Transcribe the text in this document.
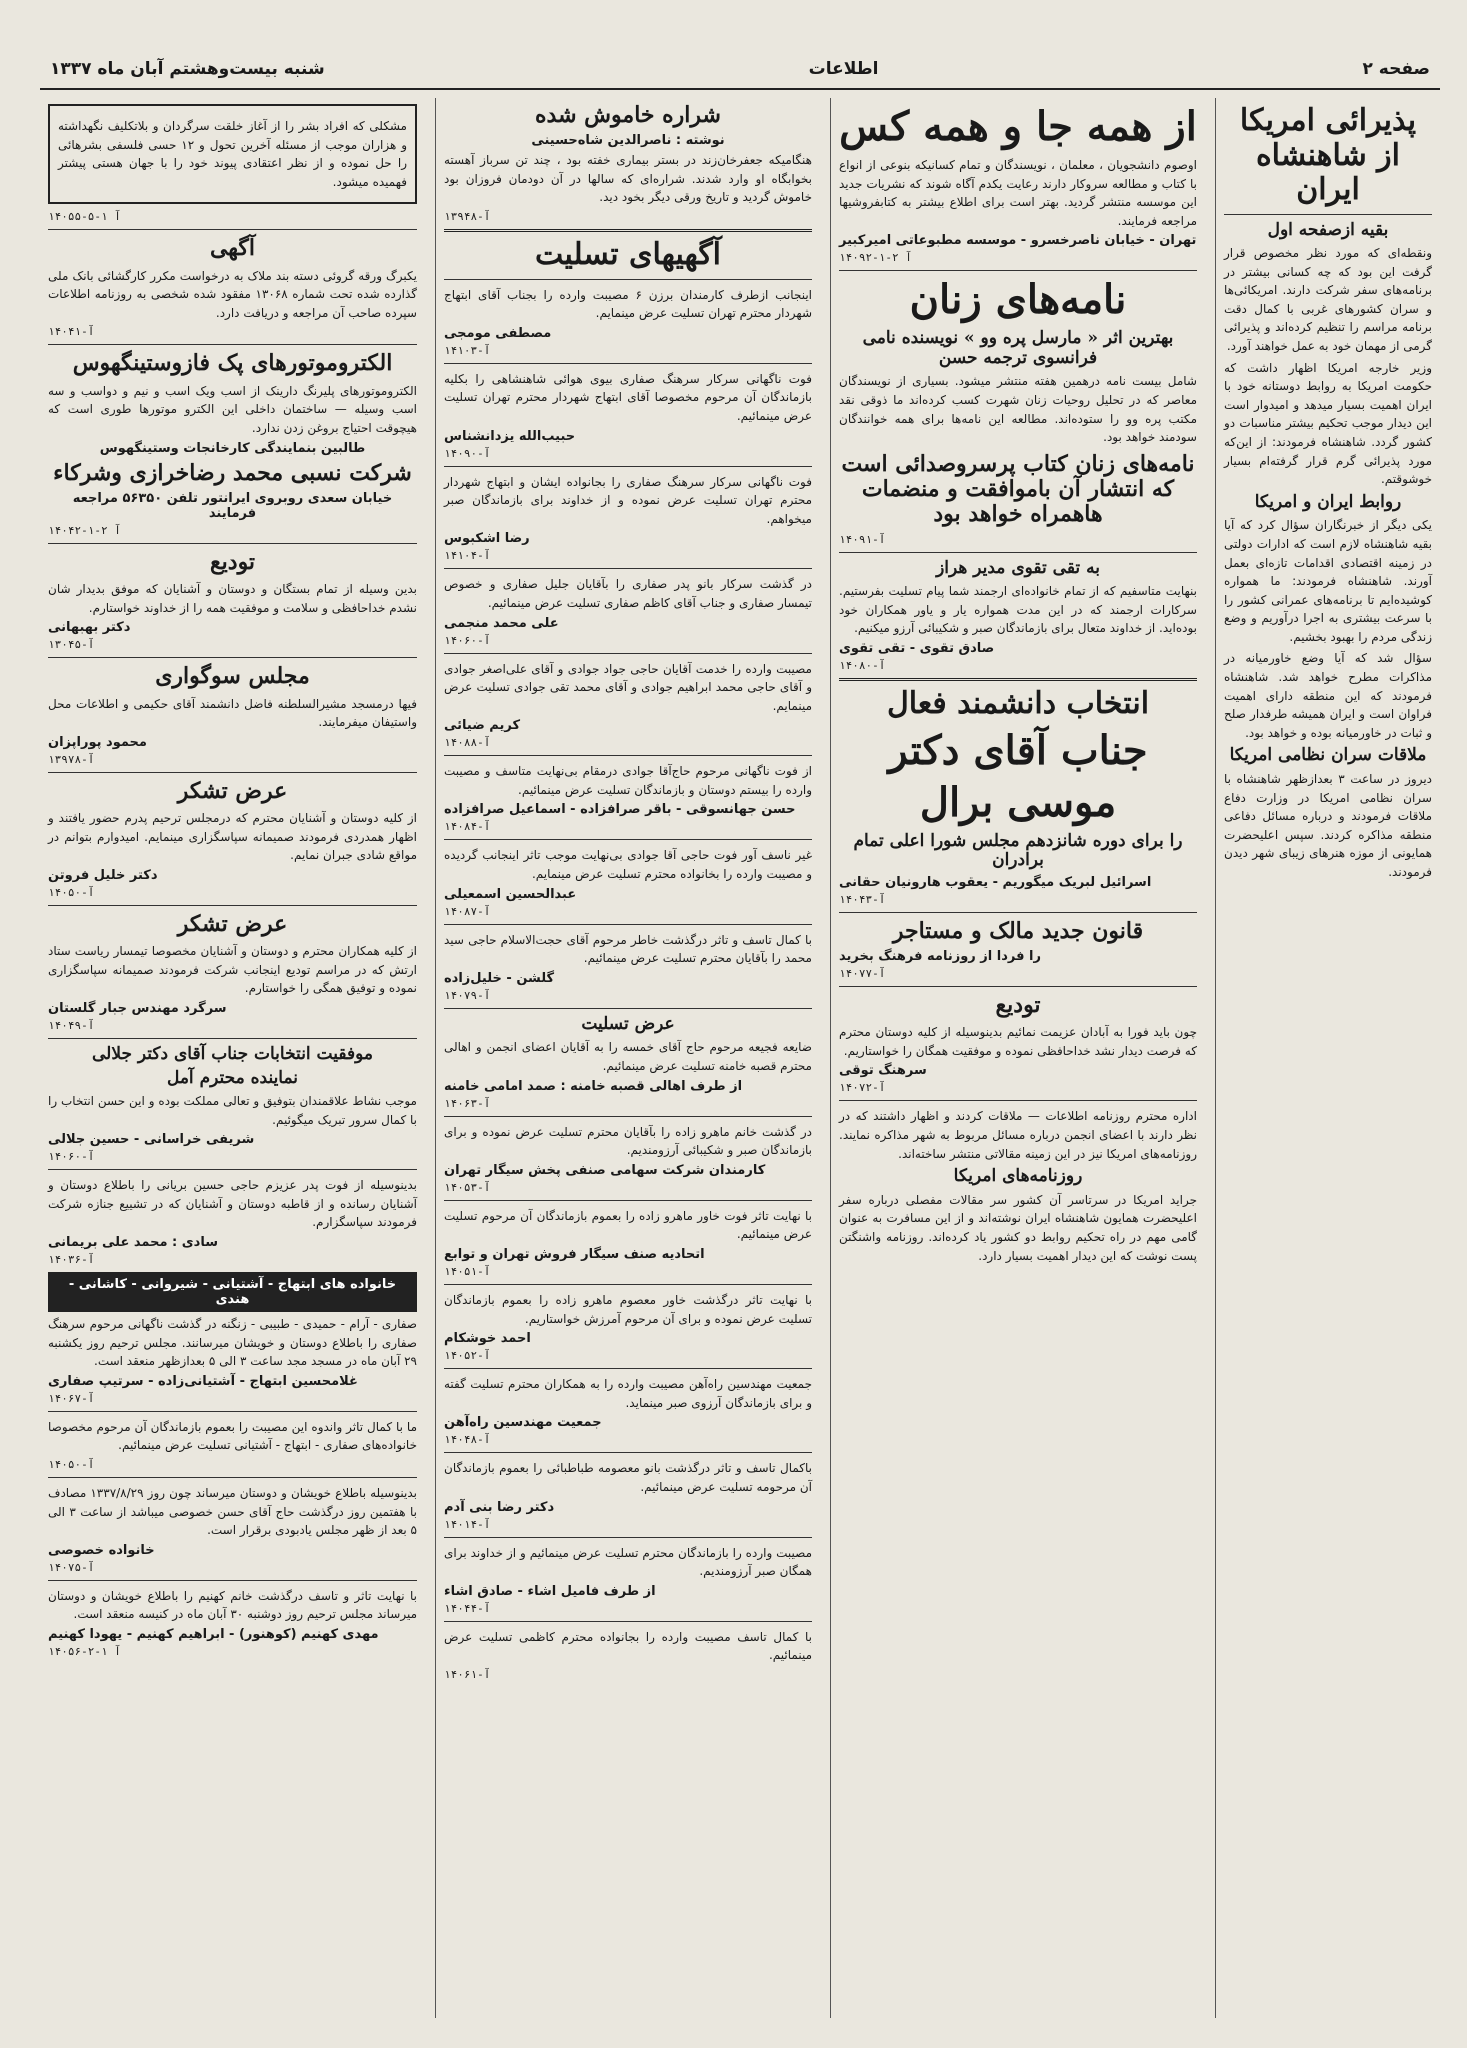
صفحه ۲
اطلاعات
شنبه بیست‌وهشتم آبان ماه ۱۳۳۷
پذیرائی امریکا از شاهنشاه ایران
بقیه ازصفحه اول

ونقطه‌ای که مورد نظر مخصوص قرار گرفت این بود که چه کسانی بیشتر در برنامه‌های سفر شرکت دارند. امریکائی‌ها و سران کشورهای غربی با کمال دقت برنامه مراسم را تنظیم کرده‌اند و پذیرائی گرمی از مهمان خود به عمل خواهند آورد.

وزیر خارجه امریکا اظهار داشت که حکومت امریکا به روابط دوستانه خود با ایران اهمیت بسیار میدهد و امیدوار است این دیدار موجب تحکیم بیشتر مناسبات دو کشور گردد. شاهنشاه فرمودند: از این‌که مورد پذیرائی گرم قرار گرفته‌ام بسیار خوشوقتم.

روابط ایران و امریکا

یکی دیگر از خبرنگاران سؤال کرد که آیا بقیه شاهنشاه لازم است که ادارات دولتی در زمینه اقتصادی اقدامات تازه‌ای بعمل آورند. شاهنشاه فرمودند: ما همواره کوشیده‌ایم تا برنامه‌های عمرانی کشور را با سرعت بیشتری به اجرا درآوریم و وضع زندگی مردم را بهبود بخشیم.

سؤال شد که آیا وضع خاورمیانه در مذاکرات مطرح خواهد شد. شاهنشاه فرمودند که این منطقه دارای اهمیت فراوان است و ایران همیشه طرفدار صلح و ثبات در خاورمیانه بوده و خواهد بود.

ملاقات سران نظامی امریکا

دیروز در ساعت ۳ بعدازظهر شاهنشاه با سران نظامی امریکا در وزارت دفاع ملاقات فرمودند و درباره مسائل دفاعی منطقه مذاکره کردند. سپس اعلیحضرت همایونی از موزه هنرهای زیبای شهر دیدن فرمودند.

از همه جا و همه کس

اوصوم دانشجویان ، معلمان ، نویسندگان و تمام کسانیکه بنوعی از انواع با کتاب و مطالعه سروکار دارند رعایت یکدم آگاه شوند که نشریات جدید این موسسه منتشر گردید. بهتر است برای اطلاع بیشتر به کتابفروشیها مراجعه فرمایند.

تهران - خیابان ناصرخسرو - موسسه مطبوعاتی امیرکبیر
۱۴۰۹۲-آ ۲-۱
نامه‌های زنان
بهترین اثر « مارسل پره وو » نویسنده نامی فرانسوی ترجمه حسن

شامل بیست نامه درهمین هفته منتشر میشود. بسیاری از نویسندگان معاصر که در تحلیل روحیات زنان شهرت کسب کرده‌اند ما ذوقی نقد مکتب پره وو را ستوده‌اند. مطالعه این نامه‌ها برای همه خوانندگان سودمند خواهد بود.

نامه‌های زنان کتاب پرسروصدائی است که انتشار آن باموافقت و منضمات هاهمراه خواهد بود
۱۴۰۹۱-آ
به تقی تقوی مدیر هراز

بنهایت متاسفیم که از تمام خانواده‌ای ارجمند شما پیام تسلیت بفرستیم. سرکارات ارجمند که در این مدت همواره یار و یاور همکاران خود بوده‌اید. از خداوند متعال برای بازماندگان صبر و شکیبائی آرزو میکنیم.

صادق تقوی - تقی تقوی
۱۴۰۸۰-آ
انتخاب دانشمند فعال
جناب آقای دکتر
موسی برال
را برای دوره شانزدهم مجلس شورا اعلی تمام برادران
اسرائیل لبریک میگوریم - یعقوب هارونیان حقانی
۱۴۰۴۳-آ
قانون جدید مالک و مستاجر
را فردا از روزنامه فرهنگ بخرید
۱۴۰۷۷-آ
تودیع

چون باید فورا به آبادان عزیمت نمائیم بدینوسیله از کلیه دوستان محترم که فرصت دیدار نشد خداحافظی نموده و موفقیت همگان را خواستاریم.

سرهنگ توقی
۱۴۰۷۲-آ

اداره محترم روزنامه اطلاعات — ملاقات کردند و اظهار داشتند که در نظر دارند با اعضای انجمن درباره مسائل مربوط به شهر مذاکره نمایند. روزنامه‌های امریکا نیز در این زمینه مقالاتی منتشر ساخته‌اند.

روزنامه‌های امریکا

جراید امریکا در سرتاسر آن کشور سر مقالات مفصلی درباره سفر اعلیحضرت همایون شاهنشاه ایران نوشته‌اند و از این مسافرت به عنوان گامی مهم در راه تحکیم روابط دو کشور یاد کرده‌اند. روزنامه واشنگتن پست نوشت که این دیدار اهمیت بسیار دارد.

شراره خاموش شده
نوشته : ناصرالدین شاه‌حسینی

هنگامیکه جعفرخان‌زند در بستر بیماری خفته بود ، چند تن سرباز آهسته بخوابگاه او وارد شدند. شراره‌ای که سالها در آن دودمان فروزان بود خاموش گردید و تاریخ ورقی دیگر بخود دید.

۱۳۹۴۸-آ
آگهیهای تسلیت

اینجانب ازطرف کارمندان برزن ۶ مصیبت وارده را بجناب آقای ابتهاج شهردار محترم تهران تسلیت عرض مینمایم.

مصطفی مومجی
۱۴۱۰۳-آ

فوت ناگهانی سرکار سرهنگ صفاری بیوی هوائی شاهنشاهی را بکلیه بازماندگان آن مرحوم مخصوصا آقای ابتهاج شهردار محترم تهران تسلیت عرض مینمائیم.

حبیب‌الله یزدانشناس
۱۴۰۹۰-آ

فوت ناگهانی سرکار سرهنگ صفاری را بجانواده ایشان و ابتهاج شهردار محترم تهران تسلیت عرض نموده و از خداوند برای بازماندگان صبر میخواهم.

رضا اشکبوس
۱۴۱۰۴-آ

در گذشت سرکار بانو پدر صفاری را بآقایان جلیل صفاری و خصوص تیمسار صفاری و جناب آقای کاظم صفاری تسلیت عرض مینمائیم.

علی محمد منجمی
۱۴۰۶۰-آ

مصیبت وارده را خدمت آقایان حاجی جواد جوادی و آقای علی‌اصغر جوادی و آقای حاجی محمد ابراهیم جوادی و آقای محمد تقی جوادی تسلیت عرض مینمایم.

کریم ضیائی
۱۴۰۸۸-آ

از فوت ناگهانی مرحوم حاج‌آقا جوادی درمقام بی‌نهایت متاسف و مصیبت وارده را بیستم دوستان و بازماندگان تسلیت عرض مینمائیم.

حسن جهانسوقی - باقر صرافزاده - اسماعیل صرافزاده
۱۴۰۸۴-آ

غیر ناسف آور فوت حاجی آقا جوادی بی‌نهایت موجب تاثر اینجانب گردیده و مصیبت وارده را بخانواده محترم تسلیت عرض مینمایم.

عبدالحسین اسمعیلی
۱۴۰۸۷-آ

با کمال تاسف و تاثر درگذشت خاطر مرحوم آقای حجت‌الاسلام حاجی سید محمد را بآقایان محترم تسلیت عرض مینمائیم.

گلشن - خلیل‌زاده
۱۴۰۷۹-آ
عرض تسلیت

ضایعه فجیعه مرحوم حاج آقای خمسه را به آقایان اعضای انجمن و اهالی محترم قصبه خامنه تسلیت عرض مینمائیم.

از طرف اهالی قصبه خامنه : صمد امامی خامنه
۱۴۰۶۳-آ

در گذشت خانم ماهرو زاده را بآقایان محترم تسلیت عرض نموده و برای بازماندگان صبر و شکیبائی آرزومندیم.

کارمندان شرکت سهامی صنفی پخش سیگار تهران
۱۴۰۵۳-آ

با نهایت تاثر فوت خاور ماهرو زاده را بعموم بازماندگان آن مرحوم تسلیت عرض مینمائیم.

اتحادیه صنف سیگار فروش تهران و توابع
۱۴۰۵۱-آ

با نهایت تاثر درگذشت خاور معصوم ماهرو زاده را بعموم بازماندگان تسلیت عرض نموده و برای آن مرحوم آمرزش خواستاریم.

احمد خوشکام
۱۴۰۵۲-آ

جمعیت مهندسین راه‌آهن مصیبت وارده را به همکاران محترم تسلیت گفته و برای بازماندگان آرزوی صبر مینماید.

جمعیت مهندسین راه‌آهن
۱۴۰۴۸-آ

باکمال تاسف و تاثر درگذشت بانو معصومه طباطبائی را بعموم بازماندگان آن مرحومه تسلیت عرض مینمائیم.

دکتر رضا بنی آدم
۱۴۰۱۴-آ

مصیبت وارده را بازماندگان محترم تسلیت عرض مینمائیم و از خداوند برای همگان صبر آرزومندیم.

از طرف فامیل اشاء - صادق اشاء
۱۴۰۴۴-آ

با کمال تاسف مصیبت وارده را بجانواده محترم کاظمی تسلیت عرض مینمائیم.

۱۴۰۶۱-آ

مشکلی که افراد بشر را از آغاز خلقت سرگردان و بلاتکلیف نگهداشته و هزاران موجب از مسئله آخرین تحول و ۱۲ حسی فلسفی بشرهائی را حل نموده و از نظر اعتقادی پیوند خود را با جهان هستی پیشتر فهمیده میشود.

۱۴۰۵۵-آ ۱-۵
آگهی

یکبرگ ورقه گروئی دسته بند ملاک به درخواست مکرر کارگشائی بانک ملی گذارده شده تحت شماره ۱۳۰۶۸ مفقود شده شخصی به روزنامه اطلاعات سپرده صاحب آن مراجعه و دریافت دارد.

۱۴۰۴۱-آ
الکتروموتورهای پک فازوستینگهوس

الکتروموتورهای پلیرنگ دارینک از اسب ویک اسب و نیم و دواسب و سه اسب وسیله — ساختمان داخلی این الکترو موتورها طوری است که هیچوقت احتیاج بروغن زدن ندارد.

طالبین بنمایندگی کارخانجات وستینگهوس
شرکت نسبی محمد رضاخرازی وشرکاء
خیابان سعدی روبروی ایرانتور تلفن ۵۶۳۵۰ مراجعه فرمایند
۱۴۰۴۲-آ ۲-۱
تودیع

بدین وسیله از تمام بستگان و دوستان و آشنایان که موفق بدیدار شان نشدم خداحافظی و سلامت و موفقیت همه را از خداوند خواستارم.

دکتر بهبهانی
۱۳۰۴۵-آ
مجلس سوگواری

فیها درمسجد مشیرالسلطنه فاضل دانشمند آقای حکیمی و اطلاعات محل واستیفان میفرمایند.

محمود پوراپزان
۱۳۹۷۸-آ
عرض تشکر

از کلیه دوستان و آشنایان محترم که درمجلس ترحیم پدرم حضور یافتند و اظهار همدردی فرمودند صمیمانه سپاسگزاری مینمایم. امیدوارم بتوانم در مواقع شادی جبران نمایم.

دکتر خلیل فروتن
۱۴۰۵۰-آ
عرض تشکر

از کلیه همکاران محترم و دوستان و آشنایان مخصوصا تیمسار ریاست ستاد ارتش که در مراسم تودیع اینجانب شرکت فرمودند صمیمانه سپاسگزاری نموده و توفیق همگی را خواستارم.

سرگرد مهندس جبار گلستان
۱۴۰۴۹-آ
موفقیت انتخابات جناب آقای دکتر جلالی
نماینده محترم آمل

موجب نشاط علاقمندان بتوفیق و تعالی مملکت بوده و این حسن انتخاب را با کمال سرور تبریک میگوئیم.

شریفی خراسانی - حسین جلالی
۱۴۰۶۰-آ

بدینوسیله از فوت پدر عزیزم حاجی حسین بریانی را باطلاع دوستان و آشنایان رسانده و از قاطبه دوستان و آشنایان که در تشییع جنازه شرکت فرمودند سپاسگزارم.

سادی : محمد علی بریمانی
۱۴۰۳۶-آ
خانواده های ابتهاج - آشتیانی - شیروانی - کاشانی - هندی

صفاری - آرام - حمیدی - طبیبی - زنگنه در گذشت ناگهانی مرحوم سرهنگ صفاری را باطلاع دوستان و خویشان میرسانند. مجلس ترحیم روز یکشنبه ۲۹ آبان ماه در مسجد مجد ساعت ۳ الی ۵ بعدازظهر منعقد است.

غلامحسین ابتهاج - آشتیانی‌زاده - سرتیپ صفاری
۱۴۰۶۷-آ

ما با کمال تاثر واندوه این مصیبت را بعموم بازماندگان آن مرحوم مخصوصا خانواده‌های صفاری - ابتهاج - آشتیانی تسلیت عرض مینمائیم.

۱۴۰۵۰-آ

بدینوسیله باطلاع خویشان و دوستان میرساند چون روز ۱۳۳۷/۸/۲۹ مصادف با هفتمین روز درگذشت حاج آقای حسن خصوصی میباشد از ساعت ۳ الی ۵ بعد از ظهر مجلس یادبودی برقرار است.

خانواده خصوصی
۱۴۰۷۵-آ

با نهایت تاثر و تاسف درگذشت خانم کهنیم را باطلاع خویشان و دوستان میرساند مجلس ترحیم روز دوشنبه ۳۰ آبان ماه در کنیسه منعقد است.

مهدی کهنیم (کوهنور) - ابراهیم کهنیم - یهودا کهنیم
۱۴۰۵۶-آ ۱-۲
